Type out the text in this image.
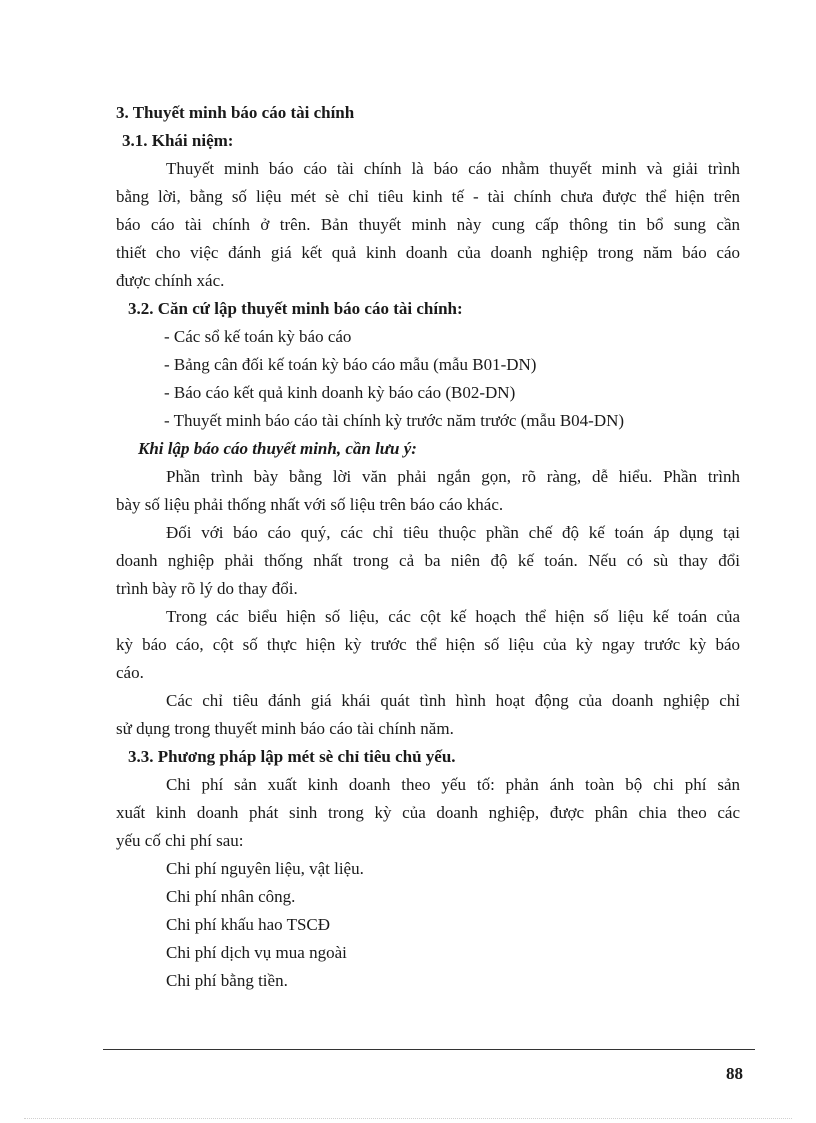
3. Thuyết minh báo cáo tài chính
3.1. Khái niệm:
Thuyết minh báo cáo tài chính là báo cáo nhằm thuyết minh và giải trình
bằng lời, bằng số liệu mét sè chỉ tiêu kinh tế - tài chính chưa được thể hiện trên
báo cáo tài chính ở trên. Bản thuyết minh này cung cấp thông tin bổ sung cần
thiết cho việc đánh giá kết quả kinh doanh của doanh nghiệp trong năm báo cáo
được chính xác.
3.2. Căn cứ lập thuyết minh báo cáo tài chính:
- Các sổ kế toán kỳ báo cáo
- Bảng cân đối kế toán kỳ báo cáo mẫu (mẫu B01-DN)
- Báo cáo kết quả kinh doanh kỳ báo cáo (B02-DN)
- Thuyết minh báo cáo tài chính kỳ trước năm trước (mẫu B04-DN)
Khi lập báo cáo thuyết minh, cần lưu ý:
Phần trình bày bằng lời văn phải ngắn gọn, rõ ràng, dễ hiểu. Phần trình
bày số liệu phải thống nhất với số liệu trên báo cáo khác.
Đối với báo cáo quý, các chỉ tiêu thuộc phần chế độ kế toán áp dụng tại
doanh nghiệp phải thống nhất trong cả ba niên độ kế toán. Nếu có sù thay đổi
trình bày rõ lý do thay đổi.
Trong các biểu hiện số liệu, các cột kế hoạch thể hiện số liệu kế toán của
kỳ báo cáo, cột số thực hiện kỳ trước thể hiện số liệu của kỳ ngay trước kỳ báo
cáo.
Các chỉ tiêu đánh giá khái quát tình hình hoạt động của doanh nghiệp chỉ
sử dụng trong thuyết minh báo cáo tài chính năm.
3.3. Phương pháp lập mét sè chỉ tiêu chủ yếu.
Chi phí sản xuất kinh doanh theo yếu tố: phản ánh toàn bộ chi phí sản
xuất kinh doanh phát sinh trong kỳ của doanh nghiệp, được phân chia theo các
yếu cố chi phí sau:
Chi phí nguyên liệu, vật liệu.
Chi phí nhân công.
Chi phí khấu hao TSCĐ
Chi phí dịch vụ mua ngoài
Chi phí bằng tiền.
88
